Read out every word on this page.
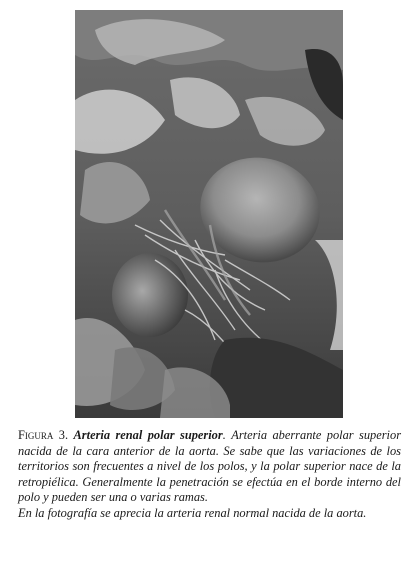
Figura 3. Arteria renal polar superior. Arteria aberrante polar superior nacida de la cara anterior de la aorta. Se sabe que las variaciones de los territorios son frecuentes a nivel de los polos, y la polar superior nace de la retropiélica. Generalmente la penetración se efectúa en el borde interno del polo y pueden ser una o varias ramas.

En la fotografía se aprecia la arteria renal normal nacida de la aorta.
